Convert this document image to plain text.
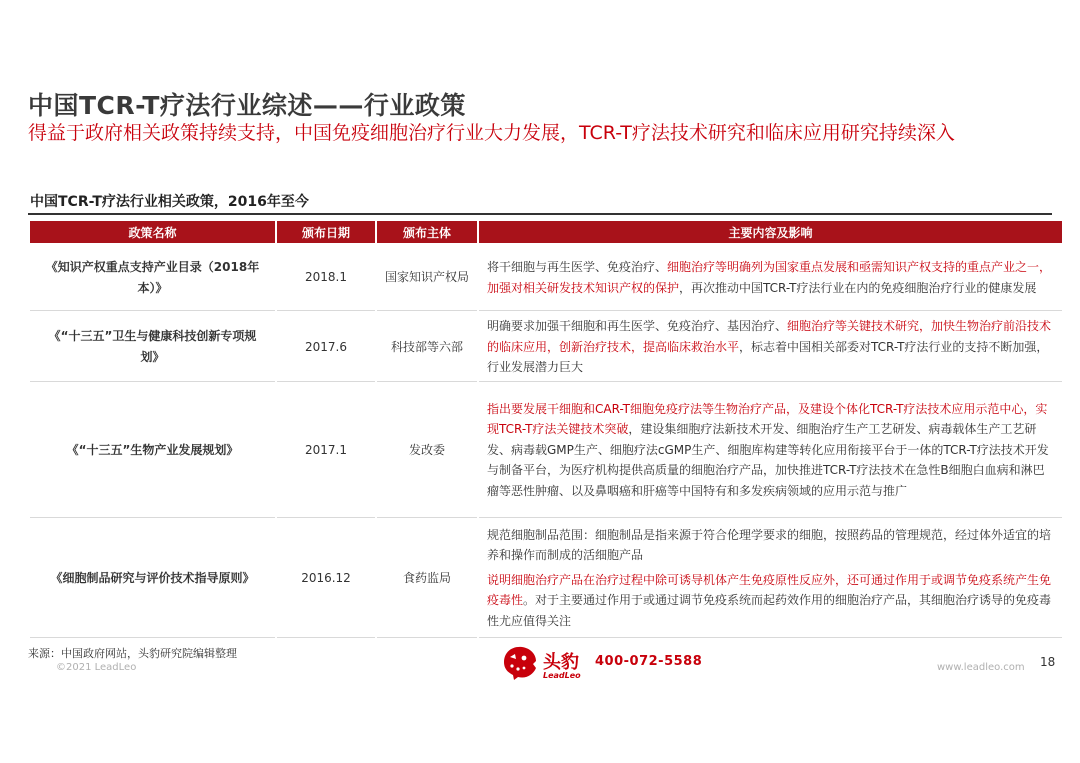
中国TCR-T疗法行业综述——行业政策
得益于政府相关政策持续支持，中国免疫细胞治疗行业大力发展，TCR-T疗法技术研究和临床应用研究持续深入
中国TCR-T疗法行业相关政策，2016年至今
政策名称	颁布日期	颁布主体	主要内容及影响
《知识产权重点支持产业目录（2018年本）》	2018.1	国家知识产权局	将干细胞与再生医学、免疫治疗、细胞治疗等明确列为国家重点发展和亟需知识产权支持的重点产业之一，加强对相关研发技术知识产权的保护，再次推动中国TCR-T疗法行业在内的免疫细胞治疗行业的健康发展
《“十三五”卫生与健康科技创新专项规划》	2017.6	科技部等六部	明确要求加强干细胞和再生医学、免疫治疗、基因治疗、细胞治疗等关键技术研究，加快生物治疗前沿技术的临床应用，创新治疗技术，提高临床救治水平，标志着中国相关部委对TCR-T疗法行业的支持不断加强，行业发展潜力巨大
《“十三五”生物产业发展规划》	2017.1	发改委	指出要发展干细胞和CAR-T细胞免疫疗法等生物治疗产品，及建设个体化TCR-T疗法技术应用示范中心，实现TCR-T疗法关键技术突破，建设集细胞疗法新技术开发、细胞治疗生产工艺研发、病毒载体生产工艺研发、病毒载GMP生产、细胞疗法cGMP生产、细胞库构建等转化应用衔接平台于一体的TCR-T疗法技术开发与制备平台，为医疗机构提供高质量的细胞治疗产品，加快推进TCR-T疗法技术在急性B细胞白血病和淋巴瘤等恶性肿瘤、以及鼻咽癌和肝癌等中国特有和多发疾病领域的应用示范与推广
《细胞制品研究与评价技术指导原则》	2016.12	食药监局	规范细胞制品范围：细胞制品是指来源于符合伦理学要求的细胞，按照药品的管理规范，经过体外适宜的培养和操作而制成的活细胞产品
说明细胞治疗产品在治疗过程中除可诱导机体产生免疫原性反应外，还可通过作用于或调节免疫系统产生免疫毒性。对于主要通过作用于或通过调节免疫系统而起药效作用的细胞治疗产品，其细胞治疗诱导的免疫毒性尤应值得关注
来源：中国政府网站，头豹研究院编辑整理
©2021 LeadLeo	头豹
LeadLeo
400-072-5588	www.leadleo.com 18
